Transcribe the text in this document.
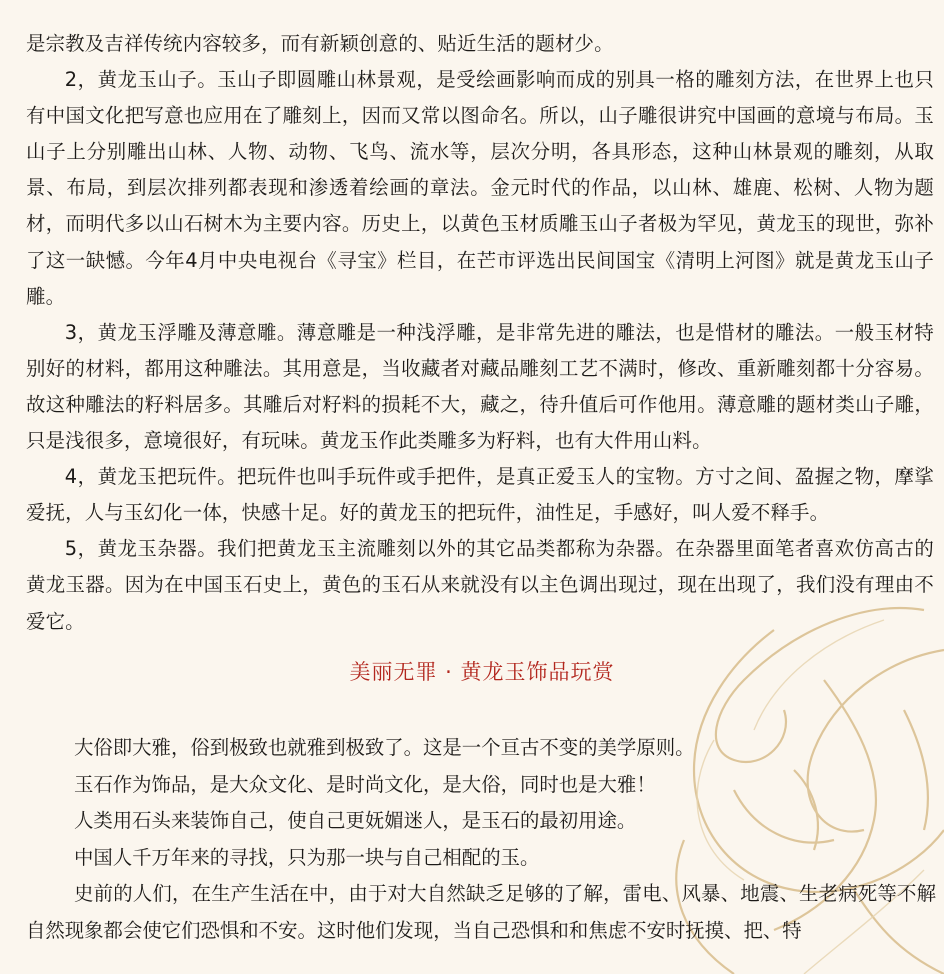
是宗教及吉祥传统内容较多，而有新颖创意的、贴近生活的题材少。

2，黄龙玉山子。玉山子即圆雕山林景观，是受绘画影响而成的别具一格的雕刻方法，在世界上也只有中国文化把写意也应用在了雕刻上，因而又常以图命名。所以，山子雕很讲究中国画的意境与布局。玉山子上分别雕出山林、人物、动物、飞鸟、流水等，层次分明，各具形态，这种山林景观的雕刻，从取景、布局，到层次排列都表现和渗透着绘画的章法。金元时代的作品，以山林、雄鹿、松树、人物为题材，而明代多以山石树木为主要内容。历史上，以黄色玉材质雕玉山子者极为罕见，黄龙玉的现世，弥补了这一缺憾。今年4月中央电视台《寻宝》栏目，在芒市评选出民间国宝《清明上河图》就是黄龙玉山子雕。

3，黄龙玉浮雕及薄意雕。薄意雕是一种浅浮雕，是非常先进的雕法，也是惜材的雕法。一般玉材特别好的材料，都用这种雕法。其用意是，当收藏者对藏品雕刻工艺不满时，修改、重新雕刻都十分容易。故这种雕法的籽料居多。其雕后对籽料的损耗不大，藏之，待升值后可作他用。薄意雕的题材类山子雕，只是浅很多，意境很好，有玩味。黄龙玉作此类雕多为籽料，也有大件用山料。

4，黄龙玉把玩件。把玩件也叫手玩件或手把件，是真正爱玉人的宝物。方寸之间、盈握之物，摩挲爱抚，人与玉幻化一体，快感十足。好的黄龙玉的把玩件，油性足，手感好，叫人爱不释手。

5，黄龙玉杂器。我们把黄龙玉主流雕刻以外的其它品类都称为杂器。在杂器里面笔者喜欢仿高古的黄龙玉器。因为在中国玉石史上，黄色的玉石从来就没有以主色调出现过，现在出现了，我们没有理由不爱它。

美丽无罪 · 黄龙玉饰品玩赏

大俗即大雅，俗到极致也就雅到极致了。这是一个亘古不变的美学原则。

玉石作为饰品，是大众文化、是时尚文化，是大俗，同时也是大雅！

人类用石头来装饰自己，使自己更妩媚迷人，是玉石的最初用途。

中国人千万年来的寻找，只为那一块与自己相配的玉。

史前的人们，在生产生活在中，由于对大自然缺乏足够的了解，雷电、风暴、地震、生老病死等不解自然现象都会使它们恐惧和不安。这时他们发现，当自己恐惧和和焦虑不安时抚摸、把、特
